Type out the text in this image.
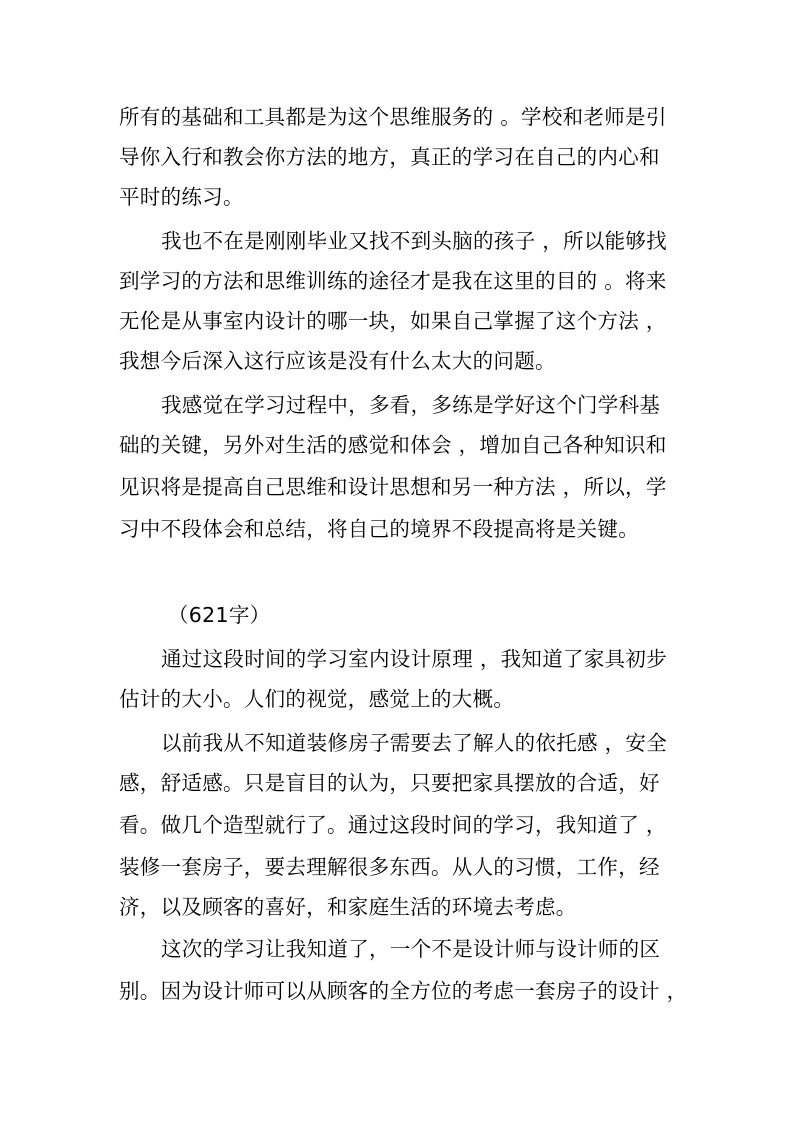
所有的基础和工具都是为这个思维服务的 。学校和老师是引
导你入行和教会你方法的地方，真正的学习在自己的内心和
平时的练习。
我也不在是刚刚毕业又找不到头脑的孩子 ，所以能够找
到学习的方法和思维训练的途径才是我在这里的目的 。将来
无伦是从事室内设计的哪一块，如果自己掌握了这个方法 ，
我想今后深入这行应该是没有什么太大的问题。
我感觉在学习过程中，多看，多练是学好这个门学科基
础的关键，另外对生活的感觉和体会 ，增加自己各种知识和
见识将是提高自己思维和设计思想和另一种方法 ，所以，学
习中不段体会和总结，将自己的境界不段提高将是关键。
（621字）
通过这段时间的学习室内设计原理 ，我知道了家具初步
估计的大小。人们的视觉，感觉上的大概。
以前我从不知道装修房子需要去了解人的依托感 ，安全
感，舒适感。只是盲目的认为，只要把家具摆放的合适，好
看。做几个造型就行了。通过这段时间的学习，我知道了 ，
装修一套房子，要去理解很多东西。从人的习惯，工作，经
济，以及顾客的喜好，和家庭生活的环境去考虑。
这次的学习让我知道了，一个不是设计师与设计师的区
别。因为设计师可以从顾客的全方位的考虑一套房子的设计 ，
